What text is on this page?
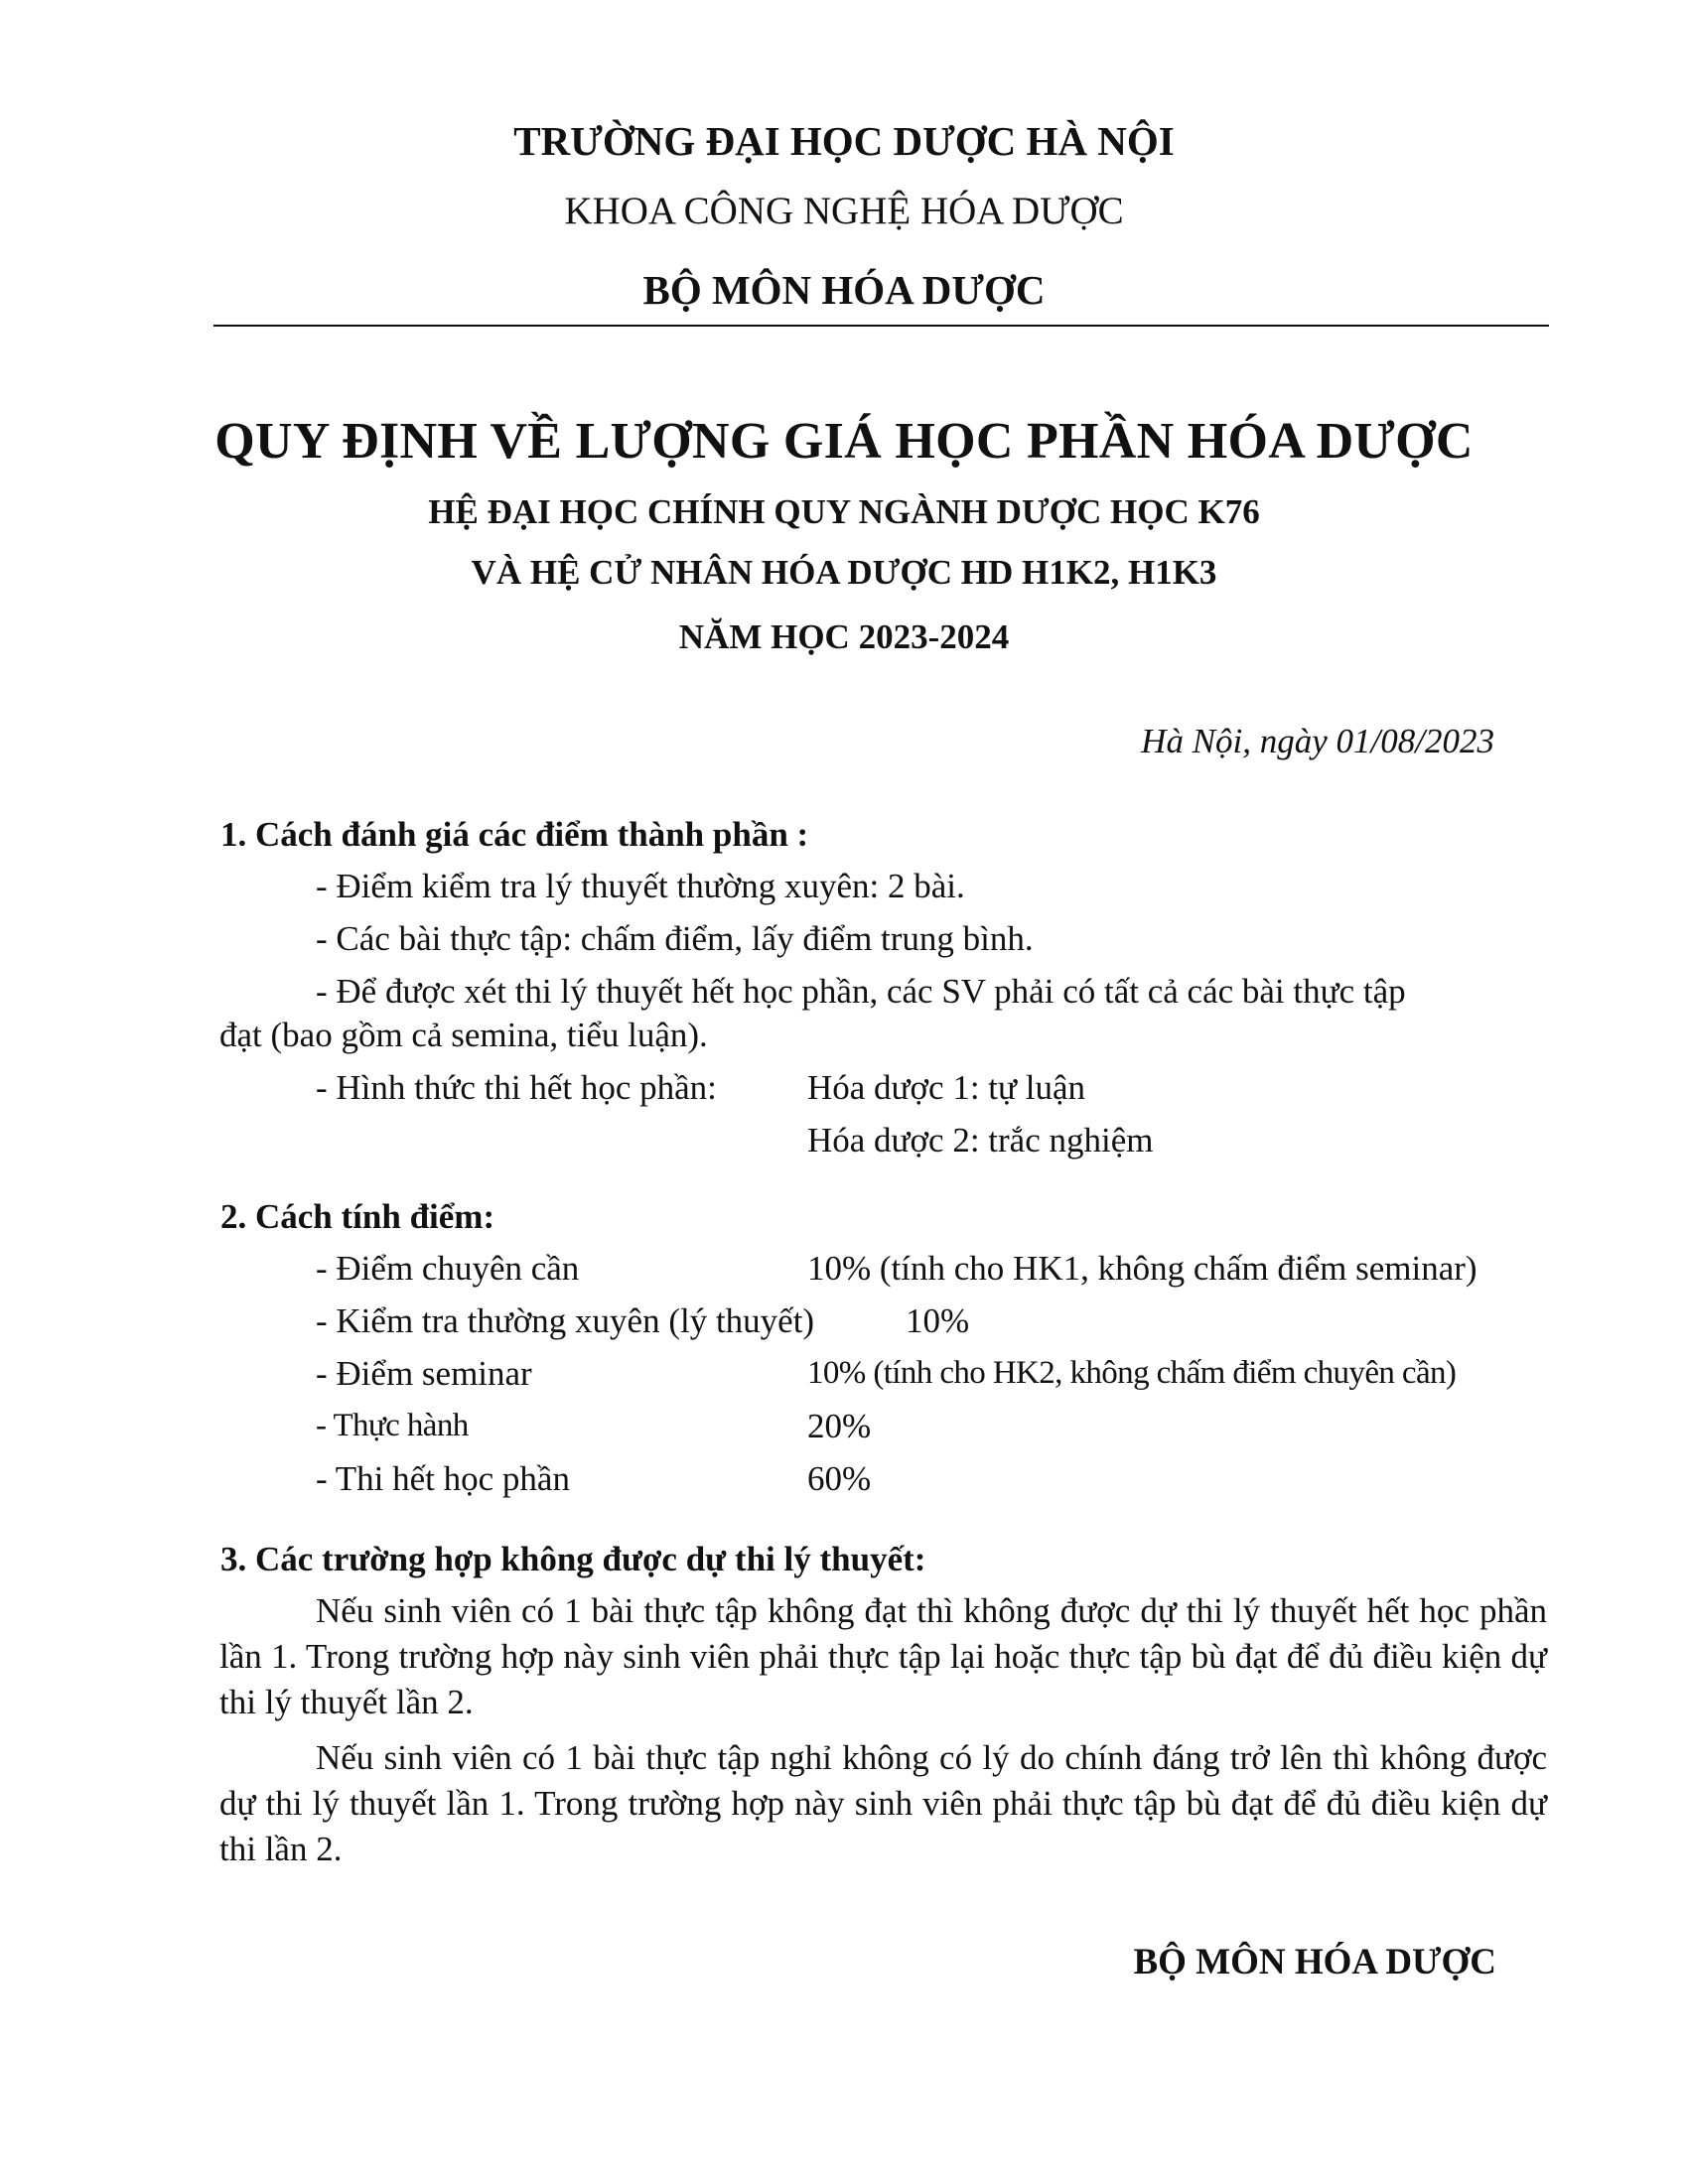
TRƯỜNG ĐẠI HỌC DƯỢC HÀ NỘI
KHOA CÔNG NGHỆ HÓA DƯỢC
BỘ MÔN HÓA DƯỢC
QUY ĐỊNH VỀ LƯỢNG GIÁ HỌC PHẦN HÓA DƯỢC
HỆ ĐẠI HỌC CHÍNH QUY NGÀNH DƯỢC HỌC K76
VÀ HỆ CỬ NHÂN HÓA DƯỢC HD H1K2, H1K3
NĂM HỌC 2023-2024
Hà Nội, ngày 01/08/2023
1. Cách đánh giá các điểm thành phần :
- Điểm kiểm tra lý thuyết thường xuyên: 2 bài.
- Các bài thực tập: chấm điểm, lấy điểm trung bình.
- Để được xét thi lý thuyết hết học phần, các SV phải có tất cả các bài thực tập
đạt (bao gồm cả semina, tiểu luận).
- Hình thức thi hết học phần:	Hóa dược 1: tự luận
Hóa dược 2: trắc nghiệm
2. Cách tính điểm:
- Điểm chuyên cần	10% (tính cho HK1, không chấm điểm seminar)
- Kiểm tra thường xuyên (lý thuyết)	10%
- Điểm seminar	10% (tính cho HK2, không chấm điểm chuyên cần)
- Thực hành	20%
- Thi hết học phần	60%
3. Các trường hợp không được dự thi lý thuyết:
Nếu sinh viên có 1 bài thực tập không đạt thì không được dự thi lý thuyết hết học phần lần 1. Trong trường hợp này sinh viên phải thực tập lại hoặc thực tập bù đạt để đủ điều kiện dự thi lý thuyết lần 2.
Nếu sinh viên có 1 bài thực tập nghỉ không có lý do chính đáng trở lên thì không được dự thi lý thuyết lần 1. Trong trường hợp này sinh viên phải thực tập bù đạt để đủ điều kiện dự thi lần 2.
BỘ MÔN HÓA DƯỢC
